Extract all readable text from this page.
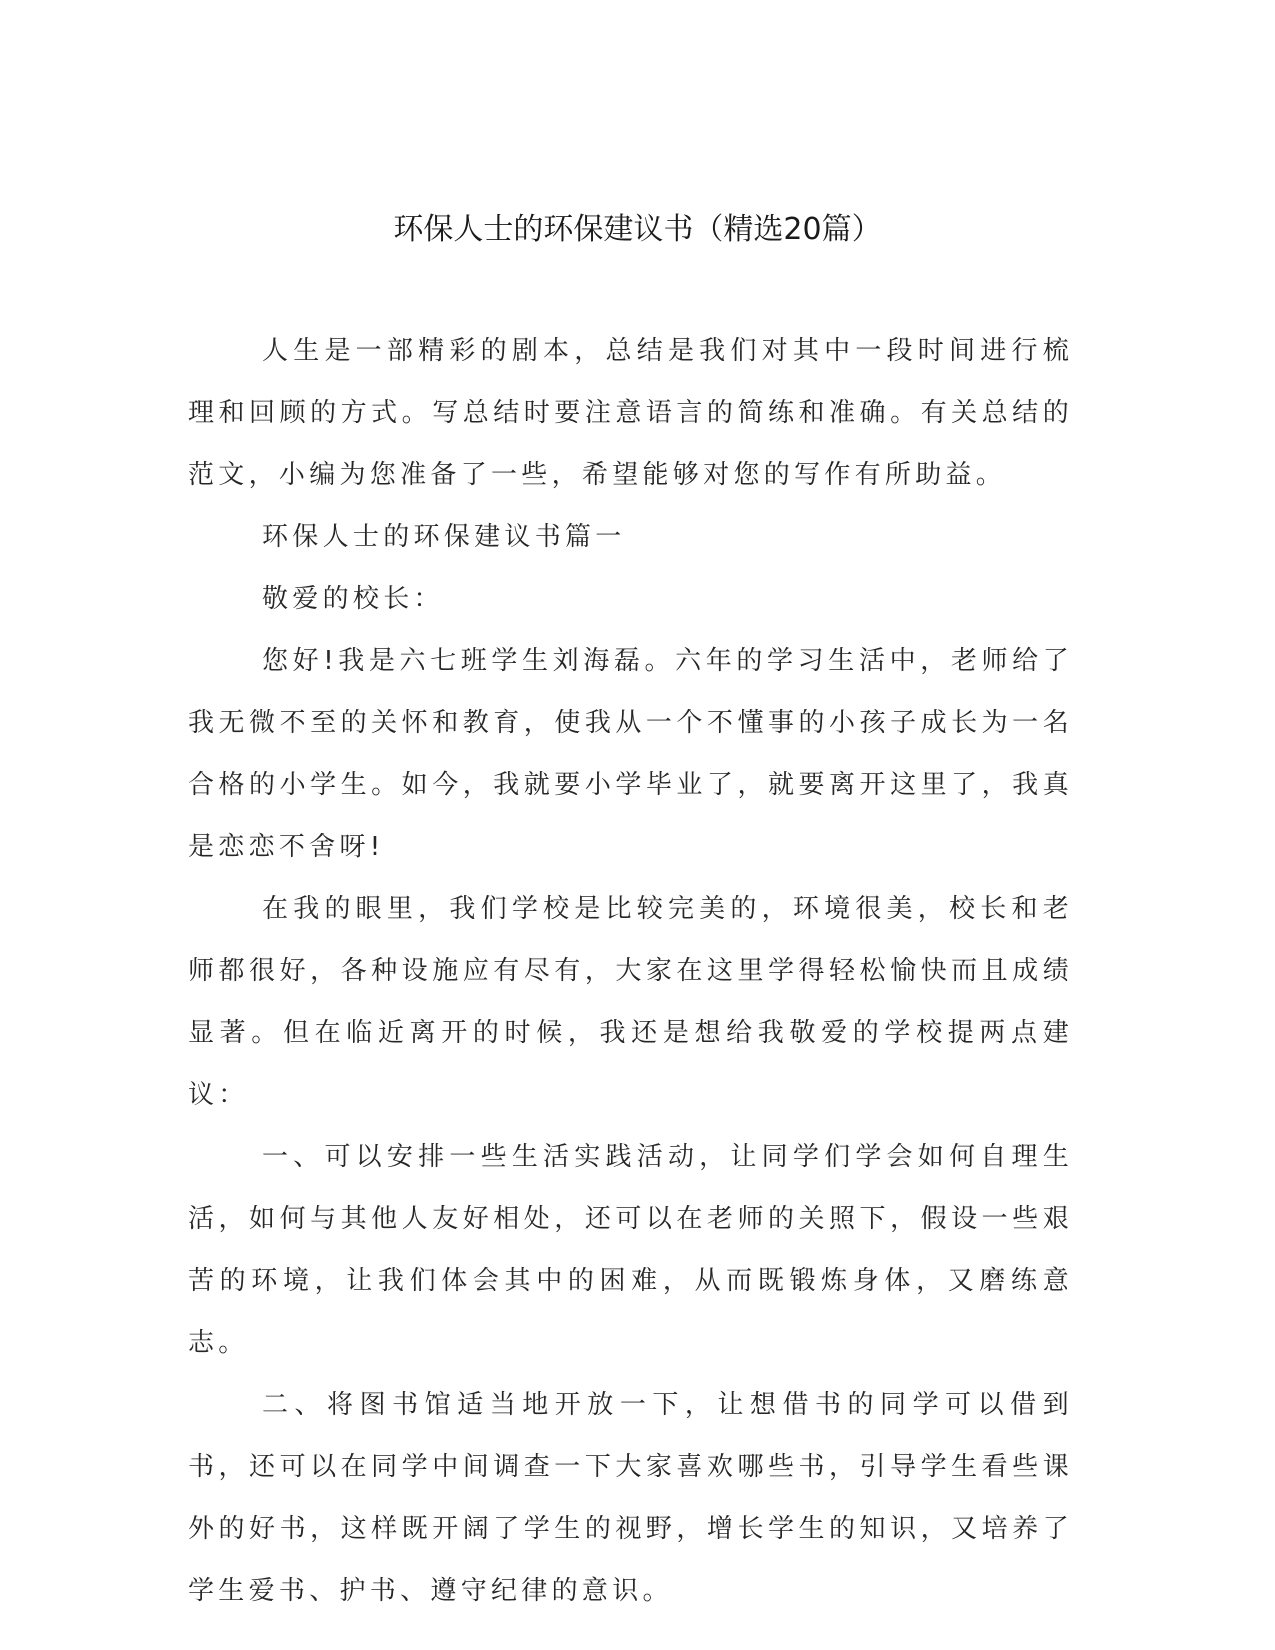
环保人士的环保建议书（精选20篇）

人生是一部精彩的剧本，总结是我们对其中一段时间进行梳理和回顾的方式。写总结时要注意语言的简练和准确。有关总结的范文，小编为您准备了一些，希望能够对您的写作有所助益。

环保人士的环保建议书篇一

敬爱的校长：

您好!我是六七班学生刘海磊。六年的学习生活中，老师给了我无微不至的关怀和教育，使我从一个不懂事的小孩子成长为一名合格的小学生。如今，我就要小学毕业了，就要离开这里了，我真是恋恋不舍呀!

在我的眼里，我们学校是比较完美的，环境很美，校长和老师都很好，各种设施应有尽有，大家在这里学得轻松愉快而且成绩显著。但在临近离开的时候，我还是想给我敬爱的学校提两点建议：

一、可以安排一些生活实践活动，让同学们学会如何自理生活，如何与其他人友好相处，还可以在老师的关照下，假设一些艰苦的环境，让我们体会其中的困难，从而既锻炼身体，又磨练意志。

二、将图书馆适当地开放一下，让想借书的同学可以借到书，还可以在同学中间调查一下大家喜欢哪些书，引导学生看些课外的好书，这样既开阔了学生的视野，增长学生的知识，又培养了学生爱书、护书、遵守纪律的意识。
